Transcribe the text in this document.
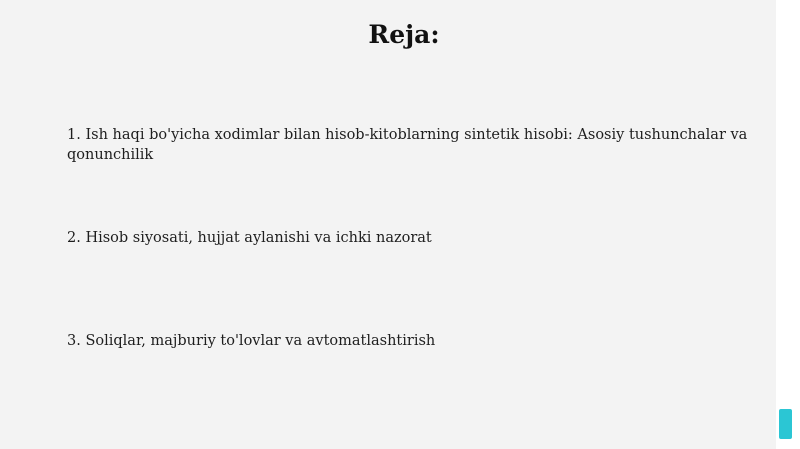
Reja:

1. Ish haqi bo'yicha xodimlar bilan hisob-kitoblarning sintetik hisobi: Asosiy tushunchalar va qonunchilik

2. Hisob siyosati, hujjat aylanishi va ichki nazorat

3. Soliqlar, majburiy to'lovlar va avtomatlashtirish
